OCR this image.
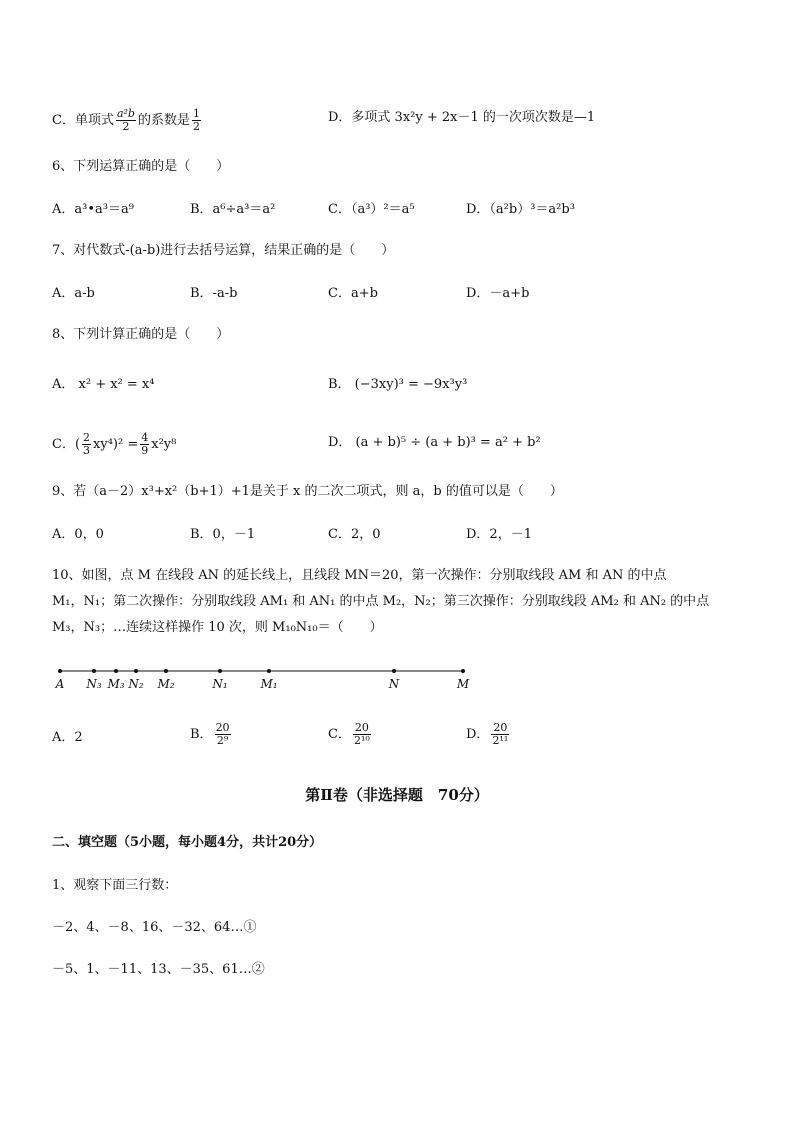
C．单项式 $\frac{\text{a²b}}{2}$ 的系数是 $\frac{1}{2}$	D．多项式 3x²y + 2x－1 的一次项次数是—1
6、下列运算正确的是（　　）
A．a³•a³＝a⁹	B．a⁶÷a³＝a²	C．（a³）²＝a⁵	D．（a²b）³＝a²b³
7、对代数式-(a-b)进行去括号运算，结果正确的是（　　）
A．a-b	B．-a-b	C．a+b	D．－a+b
8、下列计算正确的是（　　）
A． x² + x² = x⁴	B． (−3xy)³ = −9x³y³
C．( $\frac{2}{3} xy^4)^2 = \frac{4}{9} x^2y^8$	D． (a + b)⁵ ÷ (a + b)³ = a² + b²
9、若（a－2）x³+x²（b+1）+1是关于 x 的二次二项式，则 a，b 的值可以是（　　）
A．0，0	B．0，－1	C．2，0	D．2，－1
10、如图，点 M 在线段 AN 的延长线上，且线段 MN＝20，第一次操作：分别取线段 AM 和 AN 的中点
M₁，N₁；第二次操作：分别取线段 AM₁ 和 AN₁ 的中点 M₂，N₂；第三次操作：分别取线段 AM₂ 和 AN₂ 的中点
M₃，N₃；…连续这样操作 10 次，则 M₁₀N₁₀＝（　　）
A N₃ M₃ N₂ M₂	N₁	M₁	N	M
A．2	B． $\frac{20}{\text{2⁹}}$	C． $\frac{20}{\text{2¹⁰}}$	D． $\frac{20}{\text{2¹¹}}$
第Ⅱ卷（非选择题　70分）
二、填空题（5小题，每小题4分，共计20分）
1、观察下面三行数：
－2、4、－8、16、－32、64…①
－5、1、－11、13、－35、61…②
